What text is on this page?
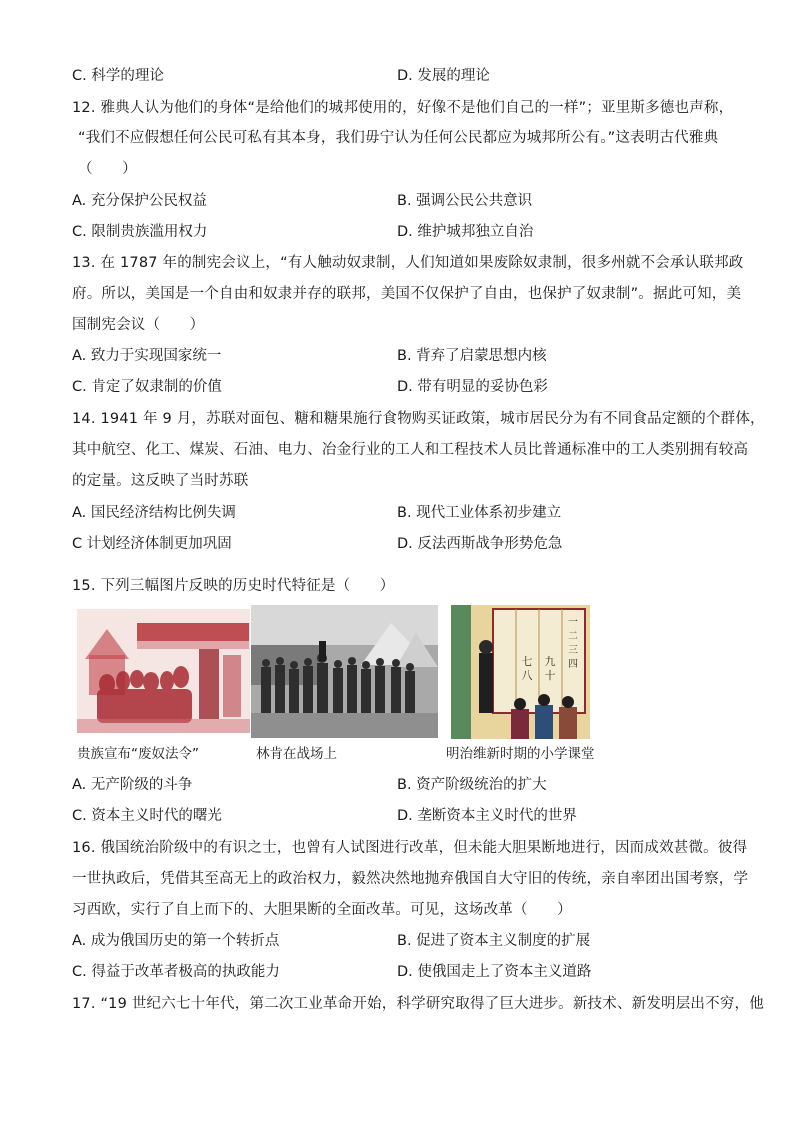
C. 科学的理论	D. 发展的理论
12. 雅典人认为他们的身体“是给他们的城邦使用的，好像不是他们自己的一样”；亚里斯多德也声称，
“我们不应假想任何公民可私有其本身，我们毋宁认为任何公民都应为城邦所公有。”这表明古代雅典
（　　）
A. 充分保护公民权益	B. 强调公民公共意识
C. 限制贵族滥用权力	D. 维护城邦独立自治
13. 在 1787 年的制宪会议上，“有人触动奴隶制，人们知道如果废除奴隶制，很多州就不会承认联邦政
府。所以，美国是一个自由和奴隶并存的联邦，美国不仅保护了自由，也保护了奴隶制”。据此可知，美
国制宪会议（　　）
A. 致力于实现国家统一	B. 背弃了启蒙思想内核
C. 肯定了奴隶制的价值	D. 带有明显的妥协色彩
14. 1941 年 9 月，苏联对面包、糖和糖果施行食物购买证政策，城市居民分为有不同食品定额的个群体，
其中航空、化工、煤炭、石油、电力、冶金行业的工人和工程技术人员比普通标准中的工人类别拥有较高
的定量。这反映了当时苏联
A. 国民经济结构比例失调	B. 现代工业体系初步建立
C 计划经济体制更加巩固	D. 反法西斯战争形势危急
15. 下列三幅图片反映的历史时代特征是（　　）
七
八
九
十
一
二
三
四
贵族宣布“废奴法令”	林肯在战场上	明治维新时期的小学课堂
A. 无产阶级的斗争	B. 资产阶级统治的扩大
C. 资本主义时代的曙光	D. 垄断资本主义时代的世界
16. 俄国统治阶级中的有识之士，也曾有人试图进行改革，但未能大胆果断地进行，因而成效甚微。彼得
一世执政后，凭借其至高无上的政治权力，毅然决然地抛弃俄国自大守旧的传统，亲自率团出国考察，学
习西欧，实行了自上而下的、大胆果断的全面改革。可见，这场改革（　　）
A. 成为俄国历史的第一个转折点	B. 促进了资本主义制度的扩展
C. 得益于改革者极高的执政能力	D. 使俄国走上了资本主义道路
17. “19 世纪六七十年代，第二次工业革命开始，科学研究取得了巨大进步。新技术、新发明层出不穷，他
